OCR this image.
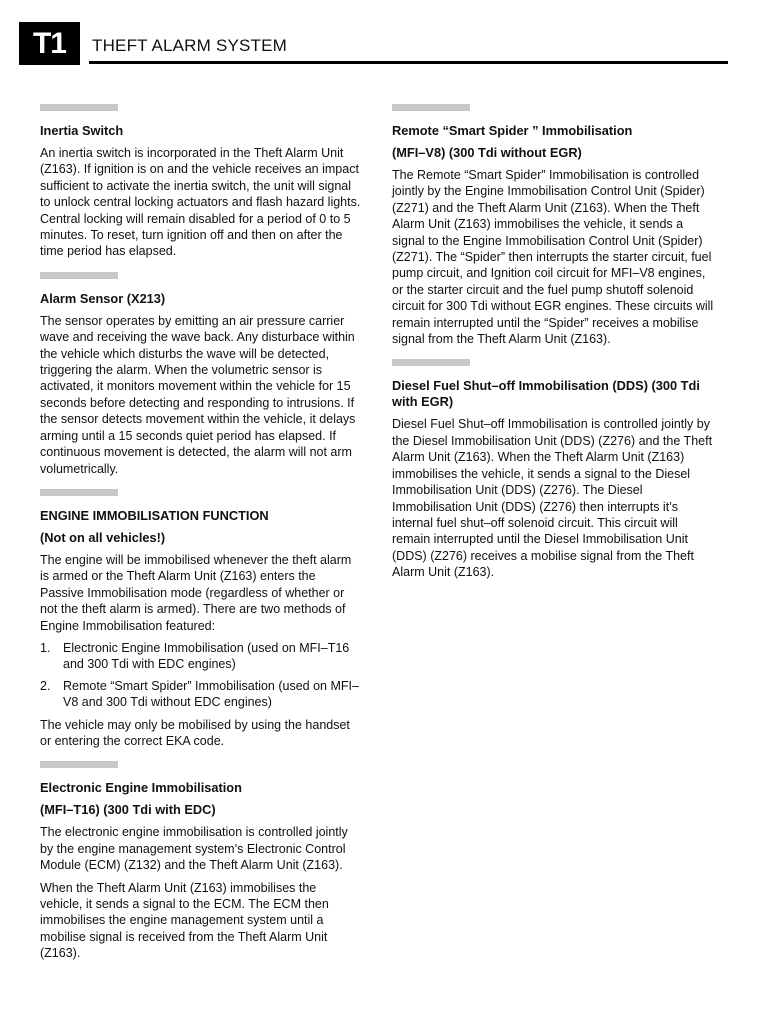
T1	THEFT ALARM SYSTEM
Inertia Switch
An inertia switch is incorporated in the Theft Alarm Unit (Z163). If ignition is on and the vehicle receives an impact sufficient to activate the inertia switch, the unit will signal to unlock central locking actuators and flash hazard lights. Central locking will remain disabled for a period of 0 to 5 minutes. To reset, turn ignition off and then on after the time period has elapsed.
Alarm Sensor (X213)
The sensor operates by emitting an air pressure carrier wave and receiving the wave back. Any disturbace within the vehicle which disturbs the wave will be detected, triggering the alarm. When the volumetric sensor is activated, it monitors movement within the vehicle for 15 seconds before detecting and responding to intrusions. If the sensor detects movement within the vehicle, it delays arming until a 15 seconds quiet period has elapsed. If continuous movement is detected, the alarm will not arm volumetrically.
ENGINE IMMOBILISATION FUNCTION
(Not on all vehicles!)
The engine will be immobilised whenever the theft alarm is armed or the Theft Alarm Unit (Z163) enters the Passive Immobilisation mode (regardless of whether or not the theft alarm is armed). There are two methods of Engine Immobilisation featured:
1.	Electronic Engine Immobilisation (used on MFI–T16 and 300 Tdi with EDC engines)
2.	Remote “Smart Spider” Immobilisation (used on MFI–V8 and 300 Tdi without EDC engines)
The vehicle may only be mobilised by using the handset or entering the correct EKA code.
Electronic Engine Immobilisation
(MFI–T16) (300 Tdi with EDC)
The electronic engine immobilisation is controlled jointly by the engine management system’s Electronic Control Module (ECM) (Z132) and the Theft Alarm Unit (Z163).
When the Theft Alarm Unit (Z163) immobilises the vehicle, it sends a signal to the ECM. The ECM then immobilises the engine management system until a mobilise signal is received from the Theft Alarm Unit (Z163).
Remote “Smart Spider ” Immobilisation
(MFI–V8) (300 Tdi without EGR)
The Remote “Smart Spider” Immobilisation is controlled jointly by the Engine Immobilisation Control Unit (Spider) (Z271) and the Theft Alarm Unit (Z163). When the Theft Alarm Unit (Z163) immobilises the vehicle, it sends a signal to the Engine Immobilisation Control Unit (Spider) (Z271). The “Spider” then interrupts the starter circuit, fuel pump circuit, and Ignition coil circuit for MFI–V8 engines, or the starter circuit and the fuel pump shutoff solenoid circuit for 300 Tdi without EGR engines. These circuits will remain interrupted until the “Spider” receives a mobilise signal from the Theft Alarm Unit (Z163).
Diesel Fuel Shut–off Immobilisation (DDS) (300 Tdi with EGR)
Diesel Fuel Shut–off Immobilisation is controlled jointly by the Diesel Immobilisation Unit (DDS) (Z276) and the Theft Alarm Unit (Z163). When the Theft Alarm Unit (Z163) immobilises the vehicle, it sends a signal to the Diesel Immobilisation Unit (DDS) (Z276). The Diesel Immobilisation Unit (DDS) (Z276) then interrupts it’s internal fuel shut–off solenoid circuit. This circuit will remain interrupted until the Diesel Immobilisation Unit (DDS) (Z276) receives a mobilise signal from the Theft Alarm Unit (Z163).
